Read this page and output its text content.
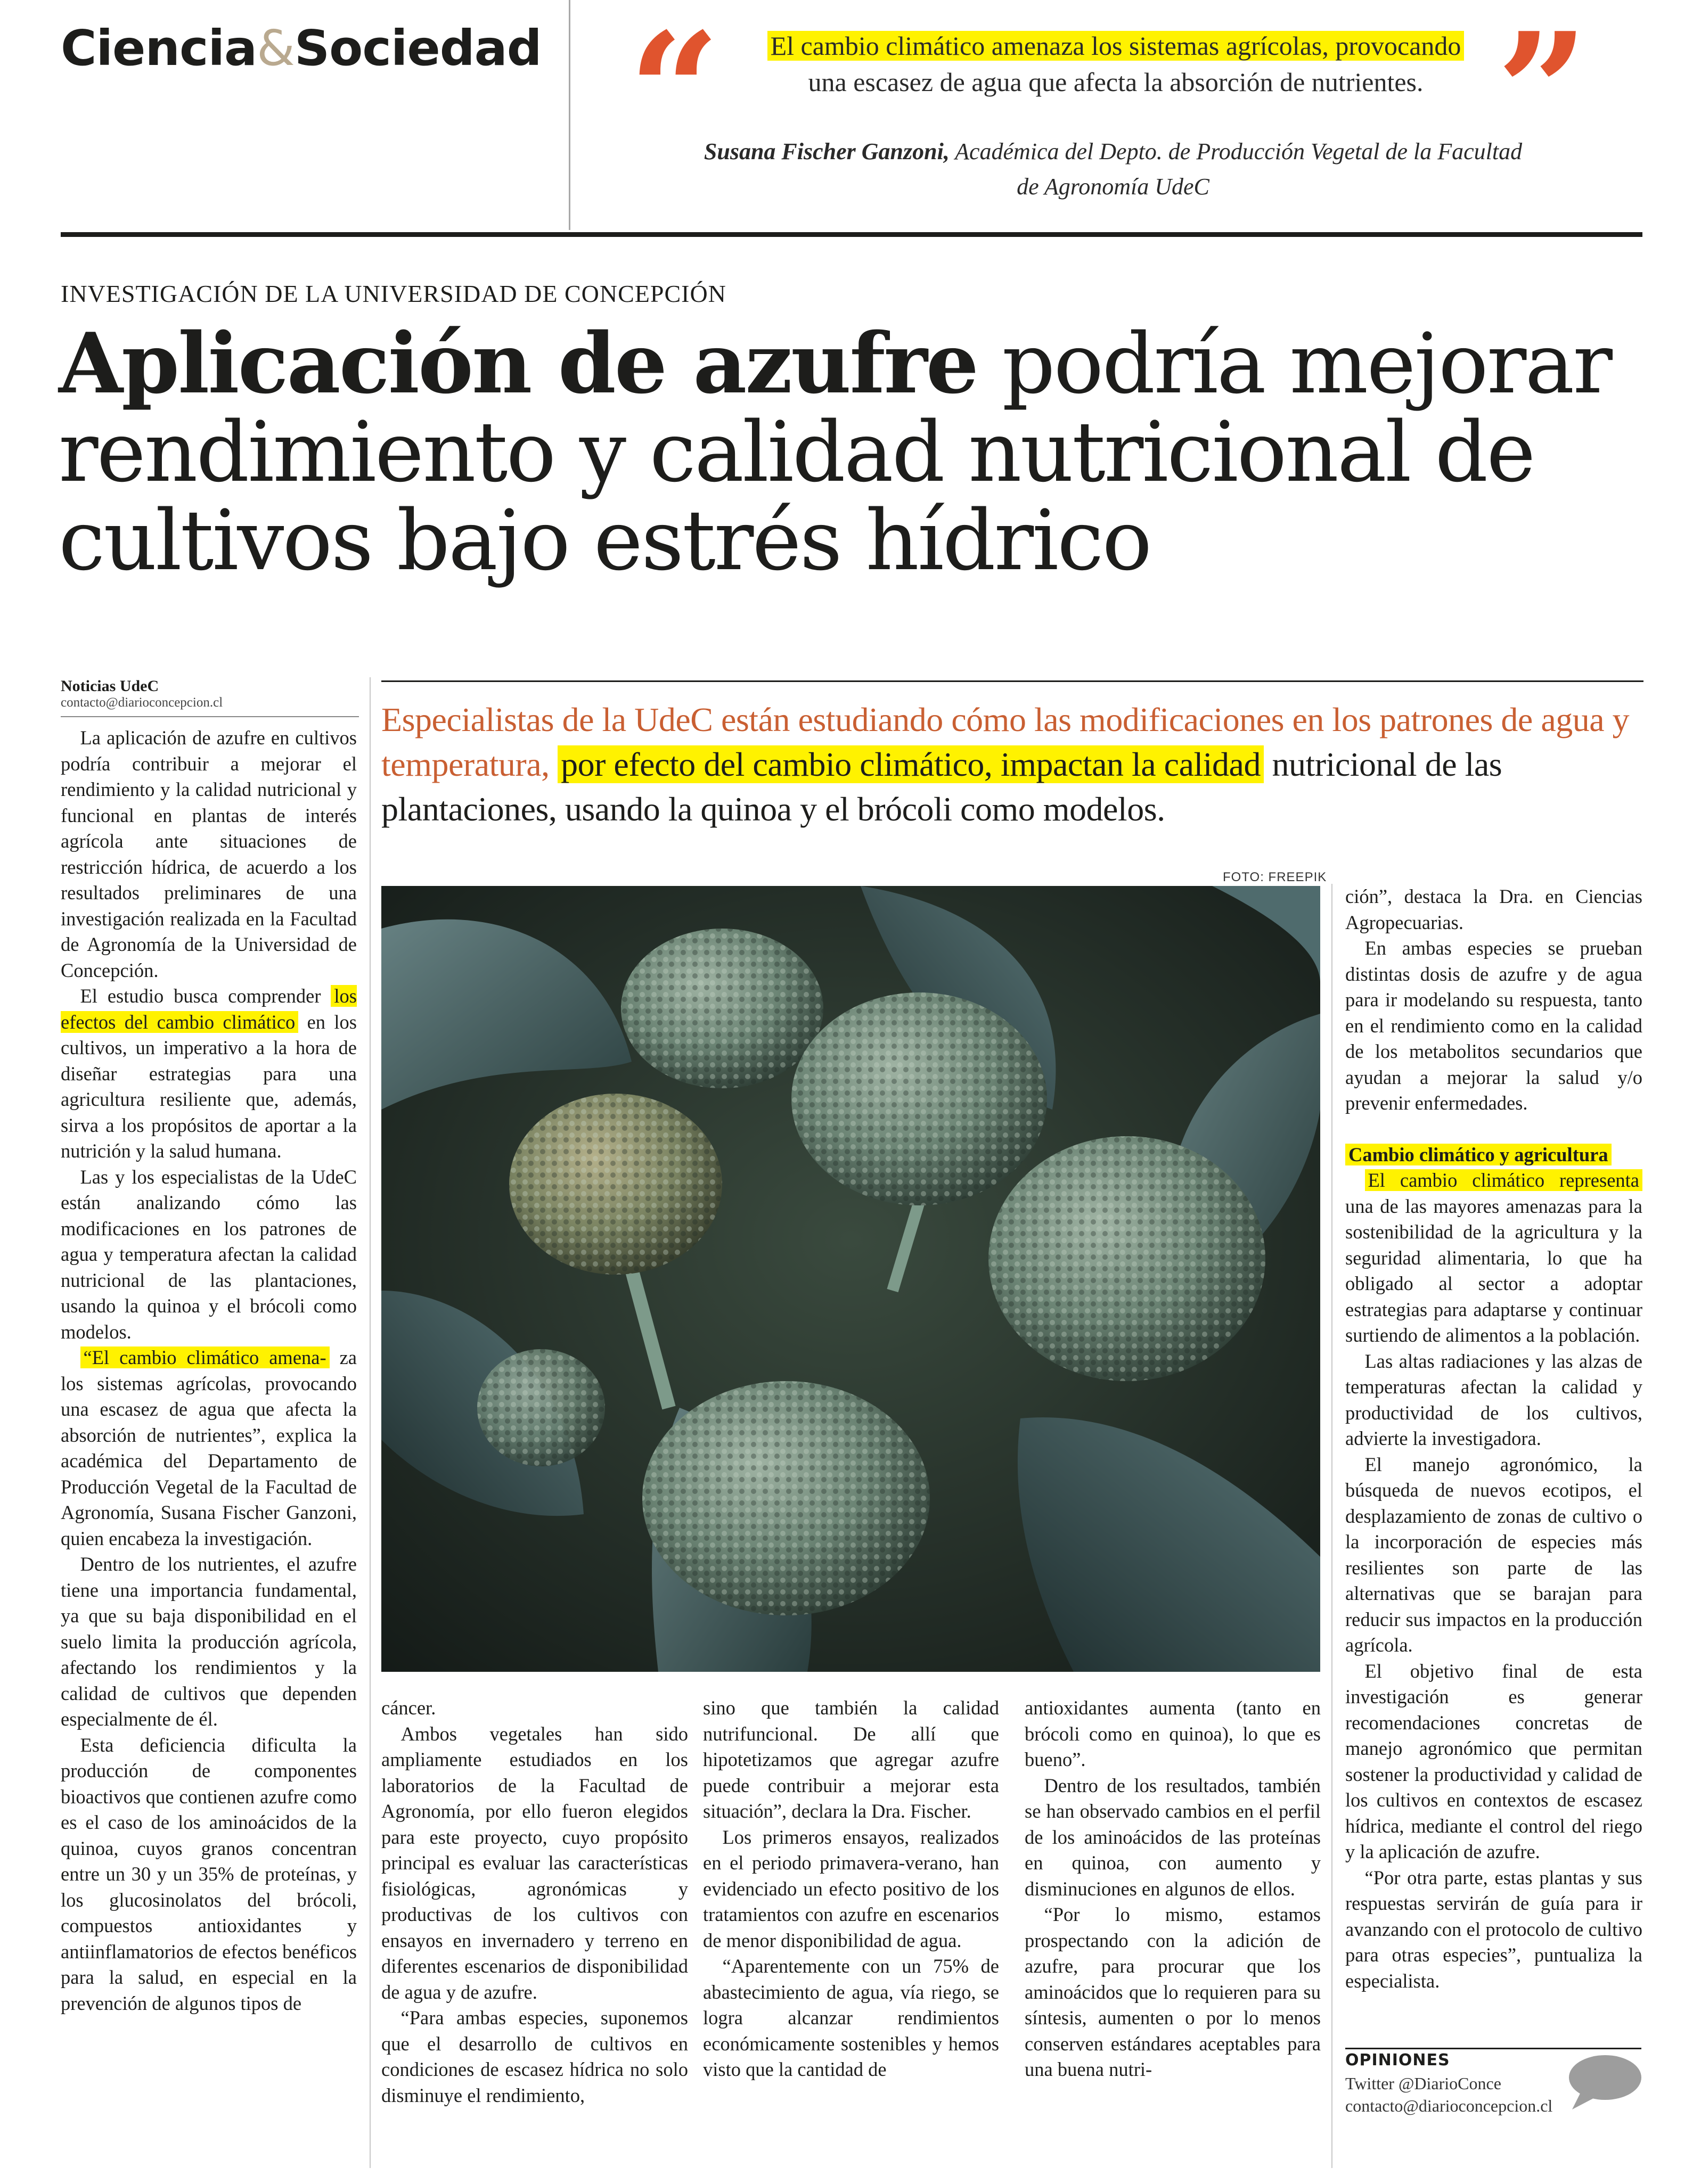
Ciencia&Sociedad “	”
El cambio climático amenaza los sistemas agrícolas, provocando
una escasez de agua que afecta la absorción de nutrientes.
Susana Fischer Ganzoni, Académica del Depto. de Producción Vegetal de la Facultad de Agronomía UdeC
INVESTIGACIÓN DE LA UNIVERSIDAD DE CONCEPCIÓN
Aplicación de azufre podría mejorar rendimiento y calidad nutricional de cultivos bajo estrés hídrico
Noticias UdeC
contacto@diarioconcepcion.cl	Especialistas de la UdeC están estudiando cómo las modificaciones en los patrones de agua y temperatura, por efecto del cambio climático, impactan la calidad nutricional de las plantaciones, usando la quinoa y el brócoli como modelos.

La aplicación de azufre en cultivos podría contribuir a mejorar el rendimiento y la calidad nutricional y funcional en plantas de interés agrícola ante situaciones de restricción hídrica, de acuerdo a los resultados preliminares de una investigación realizada en la Facultad de Agronomía de la Universidad de Concepción.

El estudio busca comprender los efectos del cambio climático en los cultivos, un imperativo a la hora de diseñar estrategias para una agricultura resiliente que, además, sirva a los propósitos de aportar a la nutrición y la salud humana.

Las y los especialistas de la UdeC están analizando cómo las modificaciones en los patrones de agua y temperatura afectan la calidad nutricional de las plantaciones, usando la quinoa y el brócoli como modelos.

“El cambio climático amena- za los sistemas agrícolas, provocando una escasez de agua que afecta la absorción de nutrientes”, explica la académica del Departamento de Producción Vegetal de la Facultad de Agronomía, Susana Fischer Ganzoni, quien encabeza la investigación.

Dentro de los nutrientes, el azufre tiene una importancia fundamental, ya que su baja disponibilidad en el suelo limita la producción agrícola, afectando los rendimientos y la calidad de cultivos que dependen especialmente de él.

Esta deficiencia dificulta la producción de componentes bioactivos que contienen azufre como es el caso de los aminoácidos de la quinoa, cuyos granos concentran entre un 30 y un 35% de proteínas, y los glucosinolatos del brócoli, compuestos antioxidantes y antiinflamatorios de efectos benéficos para la salud, en especial en la prevención de algunos tipos de

FOTO: FREEPIK

cáncer.

Ambos vegetales han sido ampliamente estudiados en los laboratorios de la Facultad de Agronomía, por ello fueron elegidos para este proyecto, cuyo propósito principal es evaluar las características fisiológicas, agronómicas y productivas de los cultivos con ensayos en invernadero y terreno en diferentes escenarios de disponibilidad de agua y de azufre.

“Para ambas especies, suponemos que el desarrollo de cultivos en condiciones de escasez hídrica no solo disminuye el rendimiento,

sino que también la calidad nutrifuncional. De allí que hipotetizamos que agregar azufre puede contribuir a mejorar esta situación”, declara la Dra. Fischer.

Los primeros ensayos, realizados en el periodo primavera-verano, han evidenciado un efecto positivo de los tratamientos con azufre en escenarios de menor disponibilidad de agua.

“Aparentemente con un 75% de abastecimiento de agua, vía riego, se logra alcanzar rendimientos económicamente sostenibles y hemos visto que la cantidad de

antioxidantes aumenta (tanto en brócoli como en quinoa), lo que es bueno”.

Dentro de los resultados, también se han observado cambios en el perfil de los aminoácidos de las proteínas en quinoa, con aumento y disminuciones en algunos de ellos.

“Por lo mismo, estamos prospectando con la adición de azufre, para procurar que los aminoácidos que lo requieren para su síntesis, aumenten o por lo menos conserven estándares aceptables para una buena nutri-

ción”, destaca la Dra. en Ciencias Agropecuarias.

En ambas especies se prueban distintas dosis de azufre y de agua para ir modelando su respuesta, tanto en el rendimiento como en la calidad de los metabolitos secundarios que ayudan a mejorar la salud y/o prevenir enfermedades.

Cambio climático y agricultura

El cambio climático representa una de las mayores amenazas para la sostenibilidad de la agricultura y la seguridad alimentaria, lo que ha obligado al sector a adoptar estrategias para adaptarse y continuar surtiendo de alimentos a la población.

Las altas radiaciones y las alzas de temperaturas afectan la calidad y productividad de los cultivos, advierte la investigadora.

El manejo agronómico, la búsqueda de nuevos ecotipos, el desplazamiento de zonas de cultivo o la incorporación de especies más resilientes son parte de las alternativas que se barajan para reducir sus impactos en la producción agrícola.

El objetivo final de esta investigación es generar recomendaciones concretas de manejo agronómico que permitan sostener la productividad y calidad de los cultivos en contextos de escasez hídrica, mediante el control del riego y la aplicación de azufre.

“Por otra parte, estas plantas y sus respuestas servirán de guía para ir avanzando con el protocolo de cultivo para otras especies”, puntualiza la especialista.

OPINIONES
Twitter @DiarioConce
contacto@diarioconcepcion.cl
